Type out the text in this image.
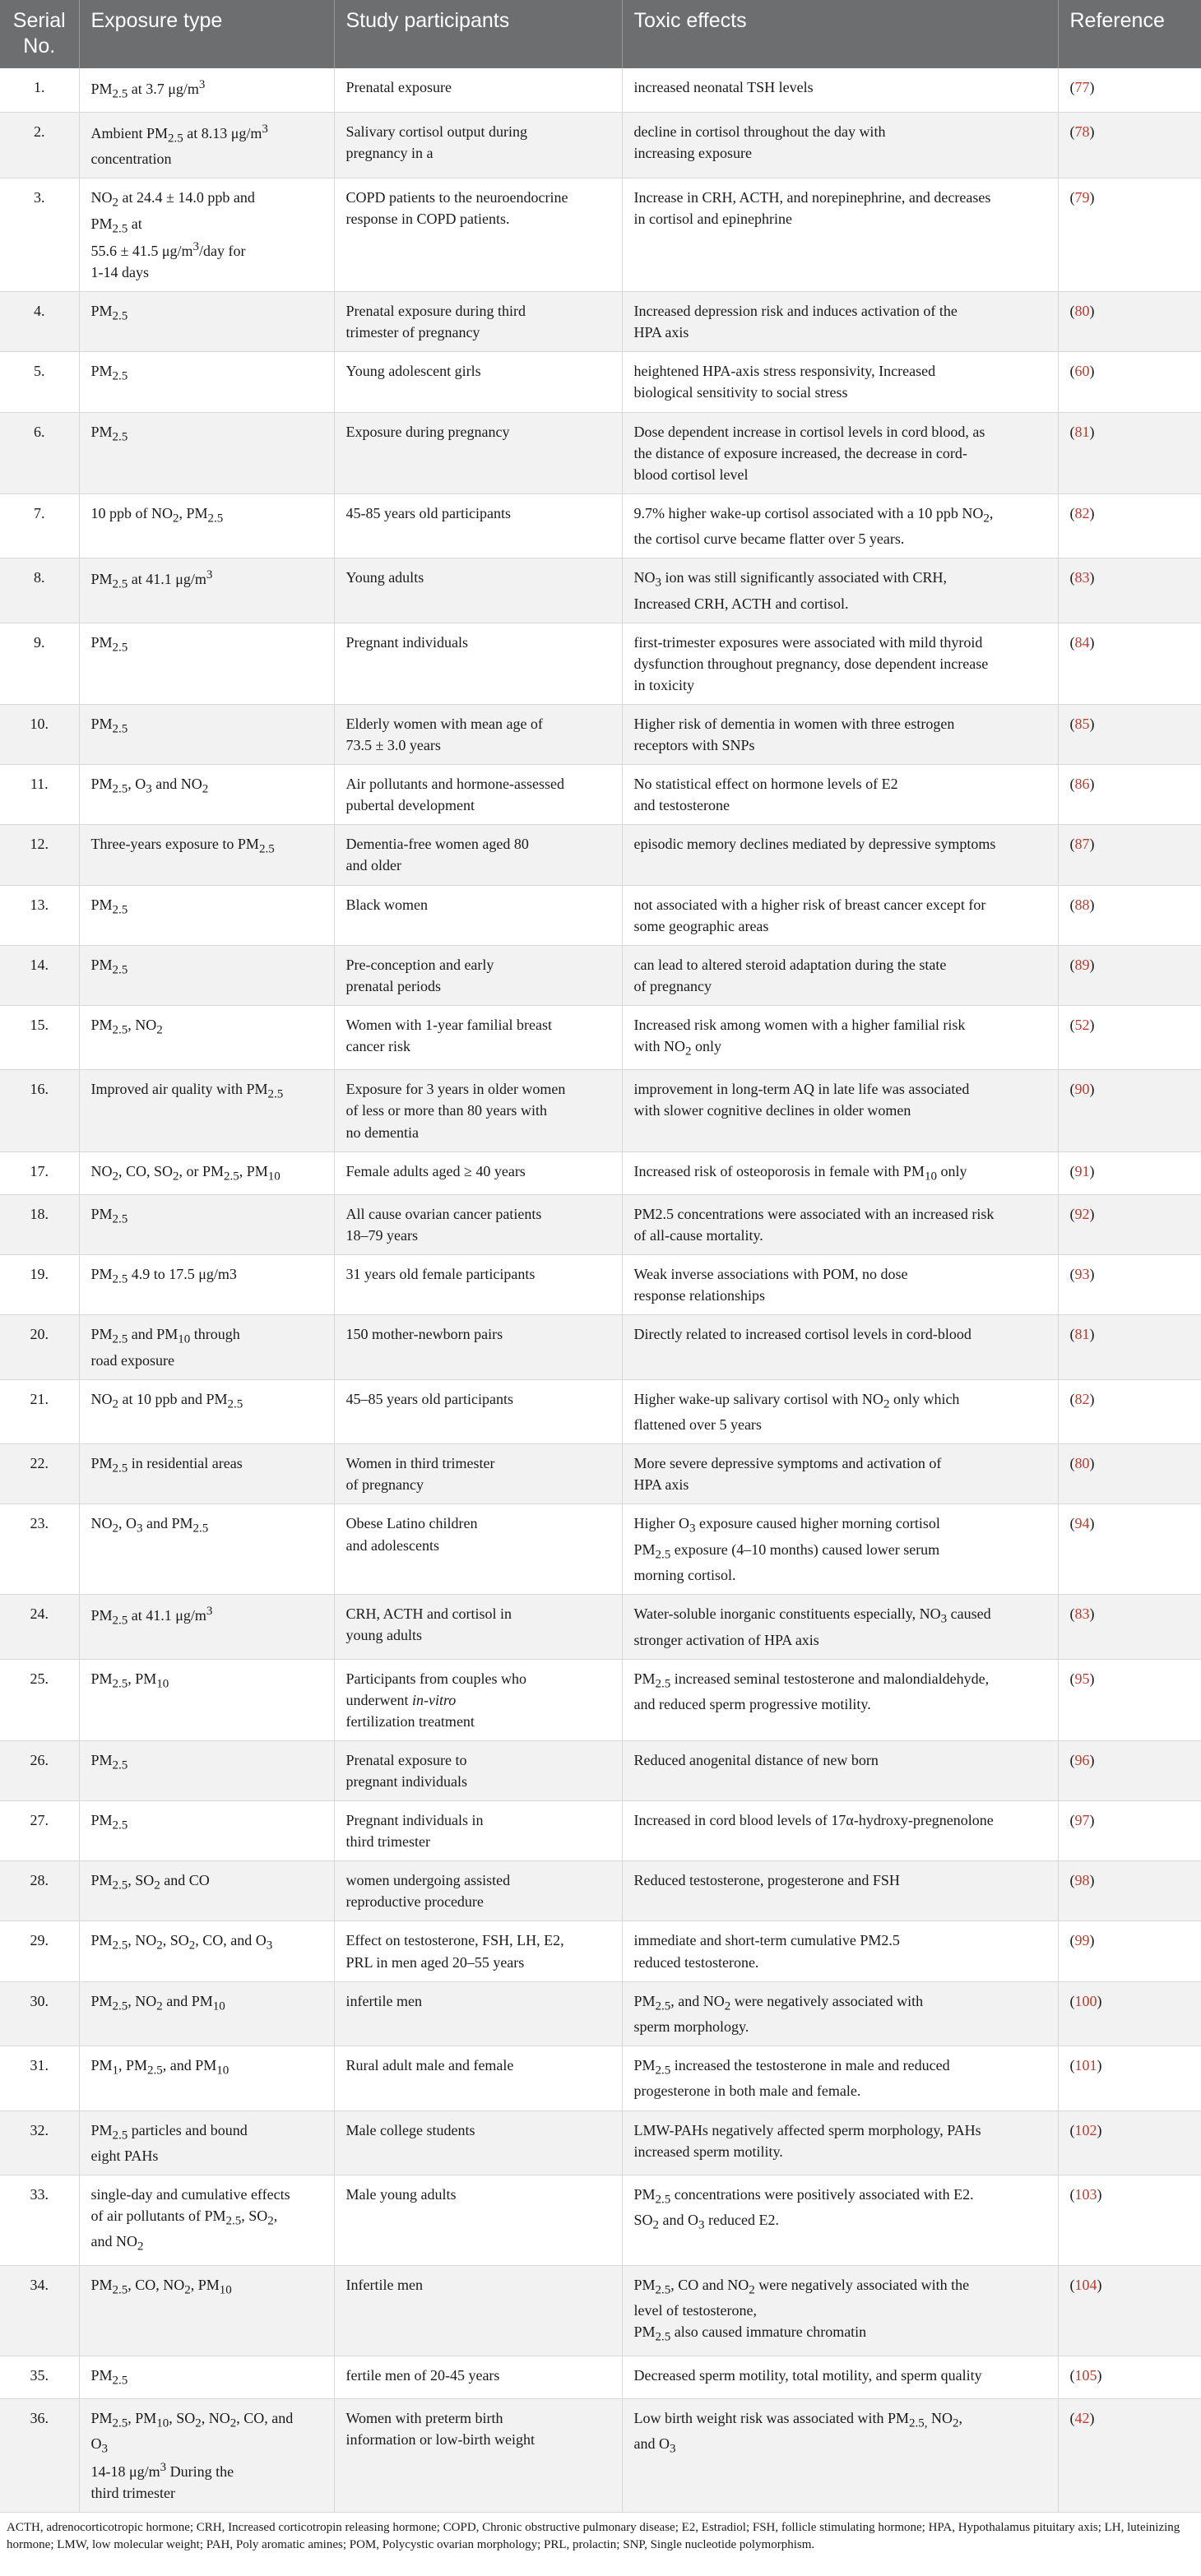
Serial No.	Exposure type	Study participants	Toxic effects	Reference
1.	$PM_{2.5}$ at 3.7 $\mu g/m^3$	Prenatal exposure	increased neonatal TSH levels	(77)
2.	Ambient $PM_{2.5}$ at 8.13 $\mu g/m^3$
concentration	Salivary cortisol output during
pregnancy in a	decline in cortisol throughout the day with
increasing exposure	(78)
3.	$NO_2$ at 24.4 ± 14.0 ppb and
$PM_{2.5}$ at
55.6 ± 41.5 $\mu g/m^3$/day for
1-14 days	COPD patients to the neuroendocrine
response in COPD patients.	Increase in CRH, ACTH, and norepinephrine, and decreases
in cortisol and epinephrine	(79)
4.	$PM_{2.5}$	Prenatal exposure during third
trimester of pregnancy	Increased depression risk and induces activation of the
HPA axis	(80)
5.	$PM_{2.5}$	Young adolescent girls	heightened HPA-axis stress responsivity, Increased
biological sensitivity to social stress	(60)
6.	$PM_{2.5}$	Exposure during pregnancy	Dose dependent increase in cortisol levels in cord blood, as
the distance of exposure increased, the decrease in cord-
blood cortisol level	(81)
7.	10 ppb of $NO_2$, $PM_{2.5}$	45-85 years old participants	9.7% higher wake-up cortisol associated with a 10 ppb $NO_2$,
the cortisol curve became flatter over 5 years.	(82)
8.	$PM_{2.5}$ at 41.1 $\mu g/m^3$	Young adults	$NO_3$ ion was still significantly associated with CRH,
Increased CRH, ACTH and cortisol.	(83)
9.	$PM_{2.5}$	Pregnant individuals	first-trimester exposures were associated with mild thyroid
dysfunction throughout pregnancy, dose dependent increase
in toxicity	(84)
10.	$PM_{2.5}$	Elderly women with mean age of
73.5 ± 3.0 years	Higher risk of dementia in women with three estrogen
receptors with SNPs	(85)
11.	$PM_{2.5}$, $O_3$ and $NO_2$	Air pollutants and hormone-assessed
pubertal development	No statistical effect on hormone levels of E2
and testosterone	(86)
12.	Three-years exposure to $PM_{2.5}$	Dementia-free women aged 80
and older	episodic memory declines mediated by depressive symptoms	(87)
13.	$PM_{2.5}$	Black women	not associated with a higher risk of breast cancer except for
some geographic areas	(88)
14.	$PM_{2.5}$	Pre-conception and early
prenatal periods	can lead to altered steroid adaptation during the state
of pregnancy	(89)
15.	$PM_{2.5}$, $NO_2$	Women with 1-year familial breast
cancer risk	Increased risk among women with a higher familial risk
with $NO_2$ only	(52)
16.	Improved air quality with $PM_{2.5}$	Exposure for 3 years in older women
of less or more than 80 years with
no dementia	improvement in long-term AQ in late life was associated
with slower cognitive declines in older women	(90)
17.	$NO_2$, CO, $SO_2$, or $PM_{2.5}$, $PM_{10}$	Female adults aged ≥ 40 years	Increased risk of osteoporosis in female with $PM_{10}$ only	(91)
18.	$PM_{2.5}$	All cause ovarian cancer patients
18–79 years	PM2.5 concentrations were associated with an increased risk
of all-cause mortality.	(92)
19.	$PM_{2.5}$ 4.9 to 17.5 μg/m3	31 years old female participants	Weak inverse associations with POM, no dose
response relationships	(93)
20.	$PM_{2.5}$ and $PM_{10}$ through
road exposure	150 mother-newborn pairs	Directly related to increased cortisol levels in cord-blood	(81)
21.	$NO_2$ at 10 ppb and $PM_{2.5}$	45–85 years old participants	Higher wake-up salivary cortisol with $NO_2$ only which
flattened over 5 years	(82)
22.	$PM_{2.5}$ in residential areas	Women in third trimester
of pregnancy	More severe depressive symptoms and activation of
HPA axis	(80)
23.	$NO_2$, $O_3$ and $PM_{2.5}$	Obese Latino children
and adolescents	Higher $O_3$ exposure caused higher morning cortisol
$PM_{2.5}$ exposure (4–10 months) caused lower serum
morning cortisol.	(94)
24.	$PM_{2.5}$ at 41.1 $\mu g/m^3$	CRH, ACTH and cortisol in
young adults	Water-soluble inorganic constituents especially, $NO_3$ caused
stronger activation of HPA axis	(83)
25.	$PM_{2.5}$, $PM_{10}$	Participants from couples who
underwent in-vitro
fertilization treatment	$PM_{2.5}$ increased seminal testosterone and malondialdehyde,
and reduced sperm progressive motility.	(95)
26.	$PM_{2.5}$	Prenatal exposure to
pregnant individuals	Reduced anogenital distance of new born	(96)
27.	$PM_{2.5}$	Pregnant individuals in
third trimester	Increased in cord blood levels of 17α-hydroxy-pregnenolone	(97)
28.	$PM_{2.5}$, $SO_2$ and CO	women undergoing assisted
reproductive procedure	Reduced testosterone, progesterone and FSH	(98)
29.	$PM_{2.5}$, $NO_2$, $SO_2$, CO, and $O_3$	Effect on testosterone, FSH, LH, E2,
PRL in men aged 20–55 years	immediate and short-term cumulative PM2.5
reduced testosterone.	(99)
30.	$PM_{2.5}$, $NO_2$ and $PM_{10}$	infertile men	$PM_{2.5}$, and $NO_2$ were negatively associated with
sperm morphology.	(100)
31.	$PM_1$, $PM_{2.5}$, and $PM_{10}$	Rural adult male and female	$PM_{2.5}$ increased the testosterone in male and reduced
progesterone in both male and female.	(101)
32.	$PM_{2.5}$ particles and bound
eight PAHs	Male college students	LMW-PAHs negatively affected sperm morphology, PAHs
increased sperm motility.	(102)
33.	single-day and cumulative effects
of air pollutants of $PM_{2.5}$, $SO_2$,
and $NO_2$	Male young adults	$PM_{2.5}$ concentrations were positively associated with E2.
$SO_2$ and $O_3$ reduced E2.	(103)
34.	$PM_{2.5}$, CO, $NO_2$, $PM_{10}$	Infertile men	$PM_{2.5}$, CO and $NO_2$ were negatively associated with the
level of testosterone,
$PM_{2.5}$ also caused immature chromatin	(104)
35.	$PM_{2.5}$	fertile men of 20-45 years	Decreased sperm motility, total motility, and sperm quality	(105)
36.	$PM_{2.5}$, $PM_{10}$, $SO_2$, $NO_2$, CO, and
$O_3$
14-18 $\mu g/m^3$ During the
third trimester	Women with preterm birth
information or low-birth weight	Low birth weight risk was associated with $PM_{2.5,}$ $NO_2$,
and $O_3$	(42)
ACTH, adrenocorticotropic hormone; CRH, Increased corticotropin releasing hormone; COPD, Chronic obstructive pulmonary disease; E2, Estradiol; FSH, follicle stimulating hormone; HPA, Hypothalamus pituitary axis; LH, luteinizing hormone; LMW, low molecular weight; PAH, Poly aromatic amines; POM, Polycystic ovarian morphology; PRL, prolactin; SNP, Single nucleotide polymorphism.
